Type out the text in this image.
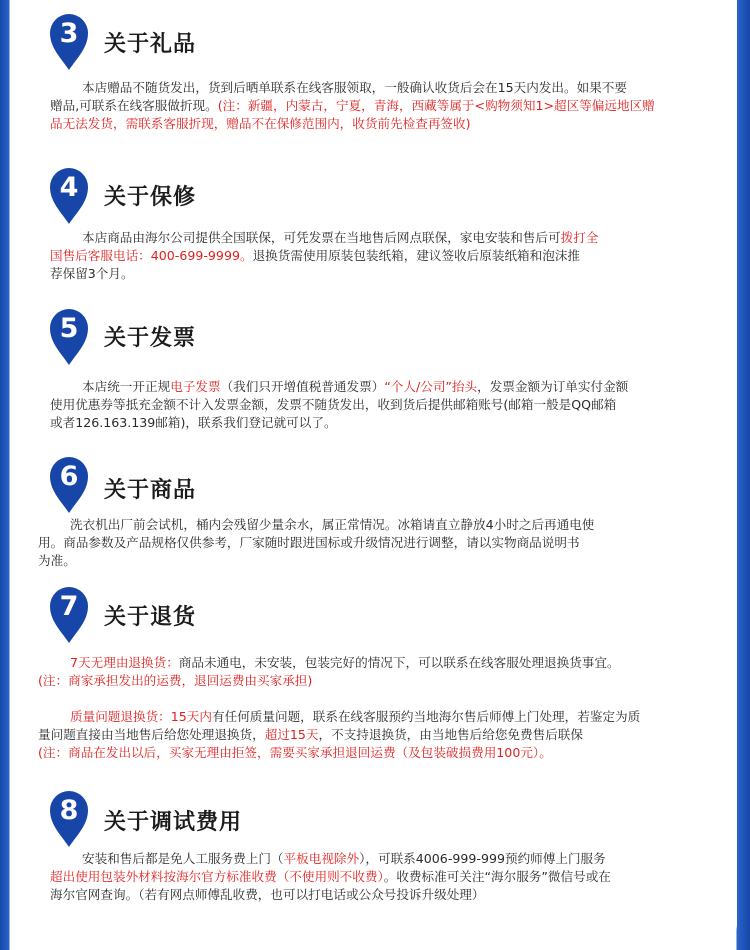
3	关于礼品
本店赠品不随货发出，货到后晒单联系在线客服领取，一般确认收货后会在15天内发出。如果不要
赠品,可联系在线客服做折现。(注：新疆，内蒙古，宁夏，青海，西藏等属于<购物须知1>超区等偏远地区赠
品无法发货，需联系客服折现，赠品不在保修范围内，收货前先检查再签收)
4	关于保修
本店商品由海尔公司提供全国联保，可凭发票在当地售后网点联保，家电安装和售后可拨打全
国售后客服电话：400-699-9999。退换货需使用原装包装纸箱，建议签收后原装纸箱和泡沫推
荐保留3个月。
5	关于发票
本店统一开正规电子发票（我们只开增值税普通发票）“个人/公司”抬头，发票金额为订单实付金额
使用优惠券等抵充金额不计入发票金额，发票不随货发出，收到货后提供邮箱账号(邮箱一般是QQ邮箱
或者126.163.139邮箱)，联系我们登记就可以了。
6	关于商品
洗衣机出厂前会试机，桶内会残留少量余水，属正常情况。冰箱请直立静放4小时之后再通电使
用。商品参数及产品规格仅供参考，厂家随时跟进国标或升级情况进行调整，请以实物商品说明书
为准。
7	关于退货
7天无理由退换货：商品未通电，未安装，包装完好的情况下，可以联系在线客服处理退换货事宜。
(注：商家承担发出的运费，退回运费由买家承担)
质量问题退换货：15天内有任何质量问题，联系在线客服预约当地海尔售后师傅上门处理，若鉴定为质
量问题直接由当地售后给您处理退换货，超过15天，不支持退换货，由当地售后给您免费售后联保
(注：商品在发出以后，买家无理由拒签，需要买家承担退回运费（及包装破损费用100元）。
8	关于调试费用
安装和售后都是免人工服务费上门（平板电视除外），可联系4006-999-999预约师傅上门服务
超出使用包装外材料按海尔官方标准收费（不使用则不收费）。收费标准可关注“海尔服务”微信号或在
海尔官网查询。（若有网点师傅乱收费，也可以打电话或公众号投诉升级处理）
